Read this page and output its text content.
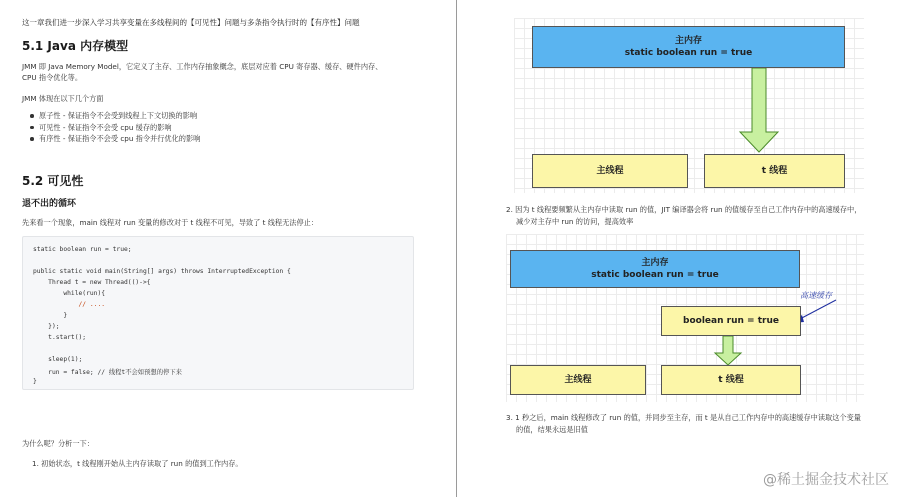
这一章我们进一步深入学习共享变量在多线程间的【可见性】问题与多条指令执行时的【有序性】问题
5.1 Java 内存模型
JMM 即 Java Memory Model，它定义了主存、工作内存抽象概念，底层对应着 CPU 寄存器、缓存、硬件内存、
CPU 指令优化等。
JMM 体现在以下几个方面
原子性 - 保证指令不会受到线程上下文切换的影响
可见性 - 保证指令不会受 cpu 缓存的影响
有序性 - 保证指令不会受 cpu 指令并行优化的影响
5.2 可见性
退不出的循环
先来看一个现象，main 线程对 run 变量的修改对于 t 线程不可见，导致了 t 线程无法停止：
static boolean run = true;
public static void main(String[] args) throws InterruptedException {
Thread t = new Thread(()->{
while(run){
// ....
}
});
t.start();
sleep(1);
run = false; // 线程t不会如预想的停下来
}
为什么呢？分析一下：
1. 初始状态，t 线程刚开始从主内存读取了 run 的值到工作内存。
主内存
static boolean run = true
主线程	t 线程
2. 因为 t 线程要频繁从主内存中读取 run 的值，JIT 编译器会将 run 的值缓存至自己工作内存中的高速缓存中，
减少对主存中 run 的访问，提高效率
主内存
static boolean run = true
高速缓存
boolean run = true
主线程	t 线程
3. 1 秒之后，main 线程修改了 run 的值，并同步至主存，而 t 是从自己工作内存中的高速缓存中读取这个变量
的值，结果永远是旧值
@稀土掘金技术社区
